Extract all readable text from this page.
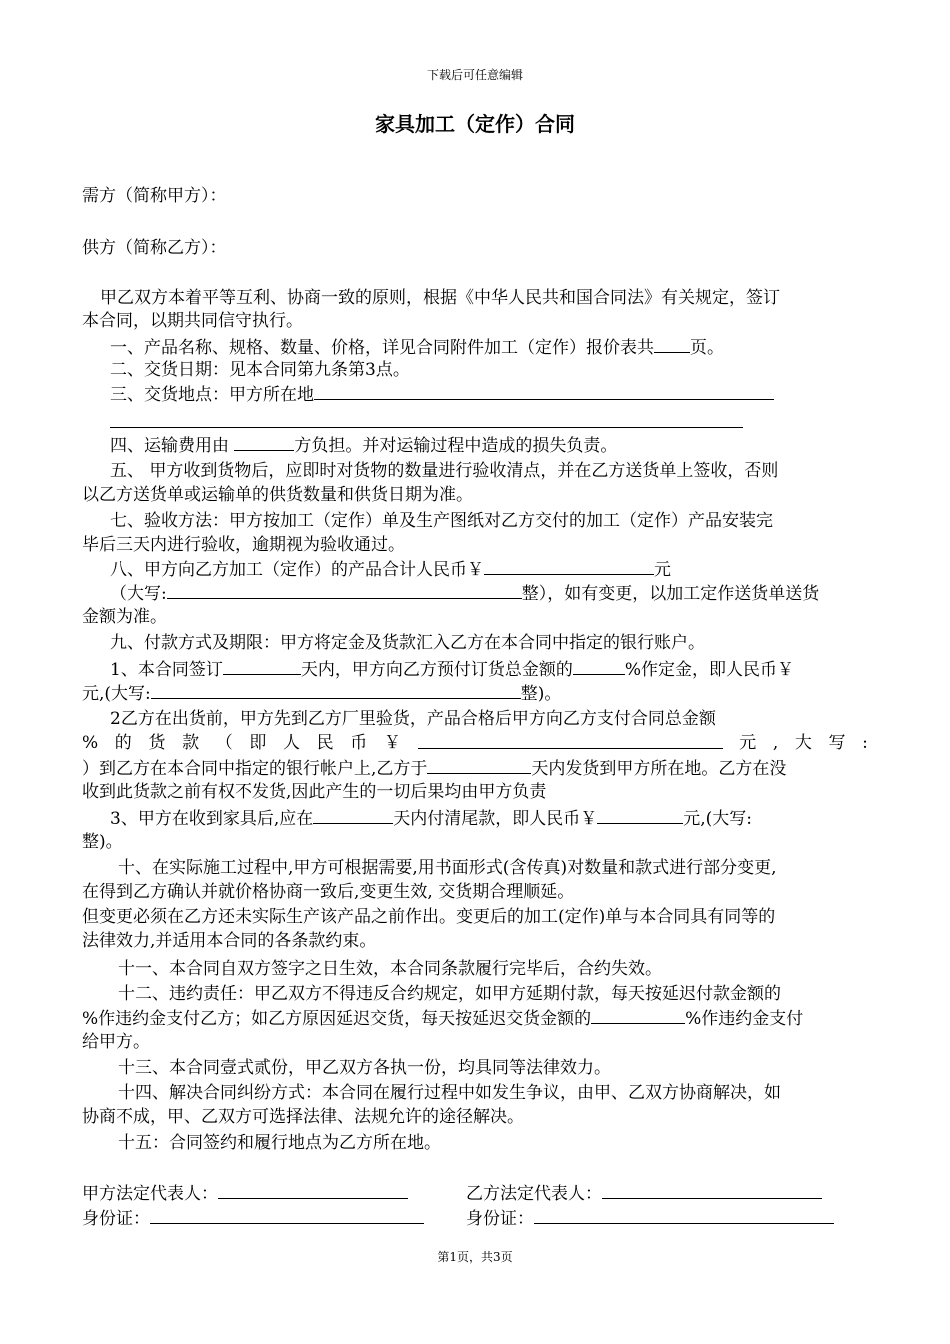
下载后可任意编辑
家具加工（定作）合同
需方（简称甲方）：
供方（简称乙方）：
甲乙双方本着平等互利、协商一致的原则，根据《中华人民共和国合同法》有关规定，签订
本合同，以期共同信守执行。
一、产品名称、规格、数量、价格，详见合同附件加工（定作）报价表共 页。
二、交货日期：见本合同第九条第3点。
三、交货地点：甲方所在地
四、运输费用由	方负担。并对运输过程中造成的损失负责。
五、 甲方收到货物后，应即时对货物的数量进行验收清点，并在乙方送货单上签收，否则
以乙方送货单或运输单的供货数量和供货日期为准。
七、验收方法：甲方按加工（定作）单及生产图纸对乙方交付的加工（定作）产品安装完
毕后三天内进行验收，逾期视为验收通过。
八、甲方向乙方加工（定作）的产品合计人民币￥	元
（大写:	整），如有变更，以加工定作送货单送货
金额为准。
九、付款方式及期限：甲方将定金及货款汇入乙方在本合同中指定的银行账户。
1、本合同签订	天内，甲方向乙方预付订货总金额的	%作定金，即人民币￥
元,(大写:	整)。
2乙方在出货前，甲方先到乙方厂里验货，产品合格后甲方向乙方支付合同总金额
% 的 货 款 （ 即 人 民 币 ￥	元 , 大 写 :
）到乙方在本合同中指定的银行帐户上,乙方于	天内发货到甲方所在地。乙方在没
收到此货款之前有权不发货,因此产生的一切后果均由甲方负责
3、甲方在收到家具后,应在	天内付清尾款，即人民币￥	元,(大写:
整)。
十、在实际施工过程中,甲方可根据需要,用书面形式(含传真)对数量和款式进行部分变更,
在得到乙方确认并就价格协商一致后,变更生效, 交货期合理顺延。
但变更必须在乙方还未实际生产该产品之前作出。变更后的加工(定作)单与本合同具有同等的
法律效力,并适用本合同的各条款约束。
十一、本合同自双方签字之日生效，本合同条款履行完毕后，合约失效。
十二、违约责任：甲乙双方不得违反合约规定，如甲方延期付款，每天按延迟付款金额的
%作违约金支付乙方；如乙方原因延迟交货，每天按延迟交货金额的	%作违约金支付
给甲方。
十三、本合同壹式贰份，甲乙双方各执一份，均具同等法律效力。
十四、解决合同纠纷方式：本合同在履行过程中如发生争议，由甲、乙双方协商解决，如
协商不成，甲、乙双方可选择法律、法规允许的途径解决。
十五：合同签约和履行地点为乙方所在地。
甲方法定代表人：
身份证：
乙方法定代表人：
身份证：
第1页，共3页
